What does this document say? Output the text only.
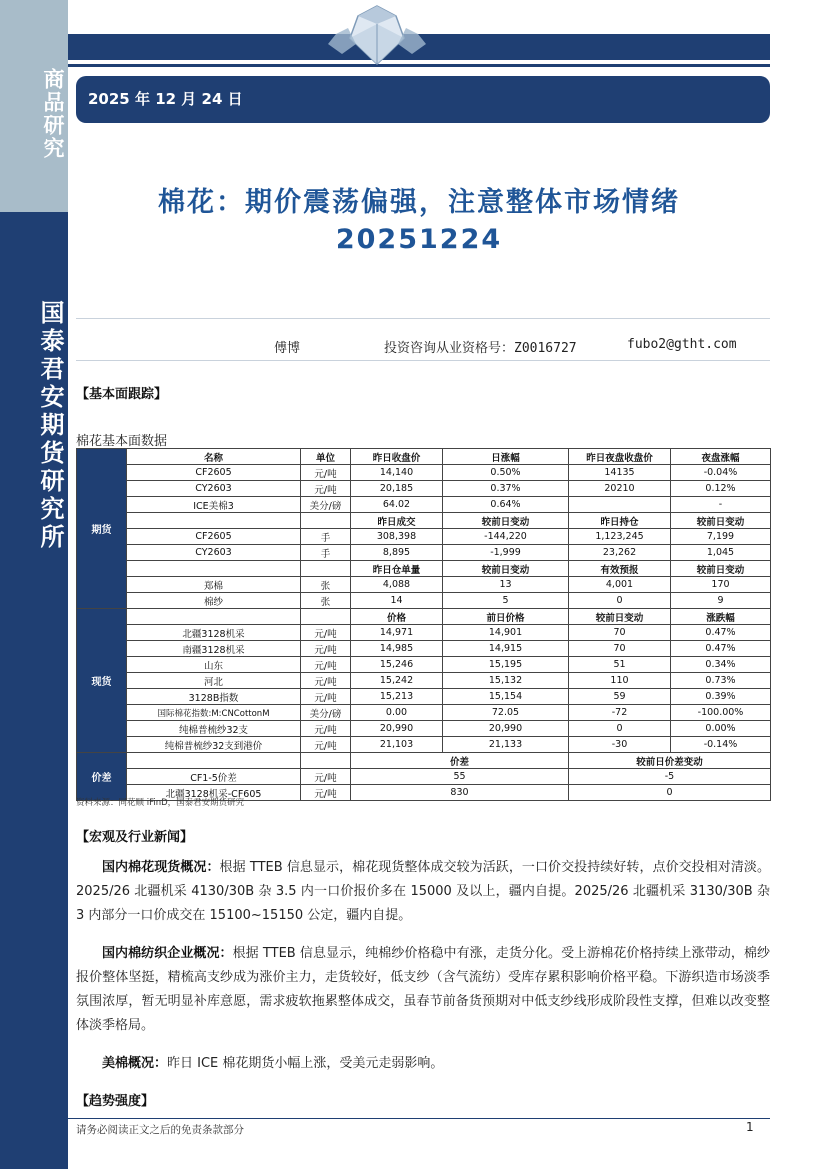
商品研究
国泰君安期货研究所
2025 年 12 月 24 日
棉花：期价震荡偏强，注意整体市场情绪
20251224
傅博	投资咨询从业资格号：Z0016727	fubo2@gtht.com
【基本面跟踪】
棉花基本面数据
期货	名称	单位	昨日收盘价	日涨幅	昨日夜盘收盘价	夜盘涨幅
	CF2605	元/吨	14,140	0.50%	14135	-0.04%
	CY2603	元/吨	20,185	0.37%	20210	0.12%
	ICE美棉3	美分/磅	64.02	0.64%		-
			昨日成交	较前日变动	昨日持仓	较前日变动
	CF2605	手	308,398	-144,220	1,123,245	7,199
	CY2603	手	8,895	-1,999	23,262	1,045
			昨日仓单量	较前日变动	有效预报	较前日变动
	郑棉	张	4,088	13	4,001	170
	棉纱	张	14	5	0	9
现货			价格	前日价格	较前日变动	涨跌幅
	北疆3128机采	元/吨	14,971	14,901	70	0.47%
	南疆3128机采	元/吨	14,985	14,915	70	0.47%
	山东	元/吨	15,246	15,195	51	0.34%
	河北	元/吨	15,242	15,132	110	0.73%
	3128B指数	元/吨	15,213	15,154	59	0.39%
	国际棉花指数:M:CNCottonM	美分/磅	0.00	72.05	-72	-100.00%
	纯棉普梳纱32支	元/吨	20,990	20,990	0	0.00%
	纯棉普梳纱32支到港价	元/吨	21,103	21,133	-30	-0.14%
价差			价差		较前日价差变动	
	CF1-5价差	元/吨	55		-5	
	北疆3128机采-CF605	元/吨	830		0	
资料来源：同花顺 iFinD，国泰君安期货研究
【宏观及行业新闻】
国内棉花现货概况：根据 TTEB 信息显示，棉花现货整体成交较为活跃，一口价交投持续好转，点价交投相对清淡。2025/26 北疆机采 4130/30B 杂 3.5 内一口价报价多在 15000 及以上，疆内自提。2025/26 北疆机采 3130/30B 杂 3 内部分一口价成交在 15100~15150 公定，疆内自提。
国内棉纺织企业概况：根据 TTEB 信息显示，纯棉纱价格稳中有涨，走货分化。受上游棉花价格持续上涨带动，棉纱报价整体坚挺，精梳高支纱成为涨价主力，走货较好，低支纱（含气流纺）受库存累积影响价格平稳。下游织造市场淡季氛围浓厚，暂无明显补库意愿，需求疲软拖累整体成交，虽春节前备货预期对中低支纱线形成阶段性支撑，但难以改变整体淡季格局。
美棉概况：昨日 ICE 棉花期货小幅上涨，受美元走弱影响。
【趋势强度】
请务必阅读正文之后的免责条款部分	1
